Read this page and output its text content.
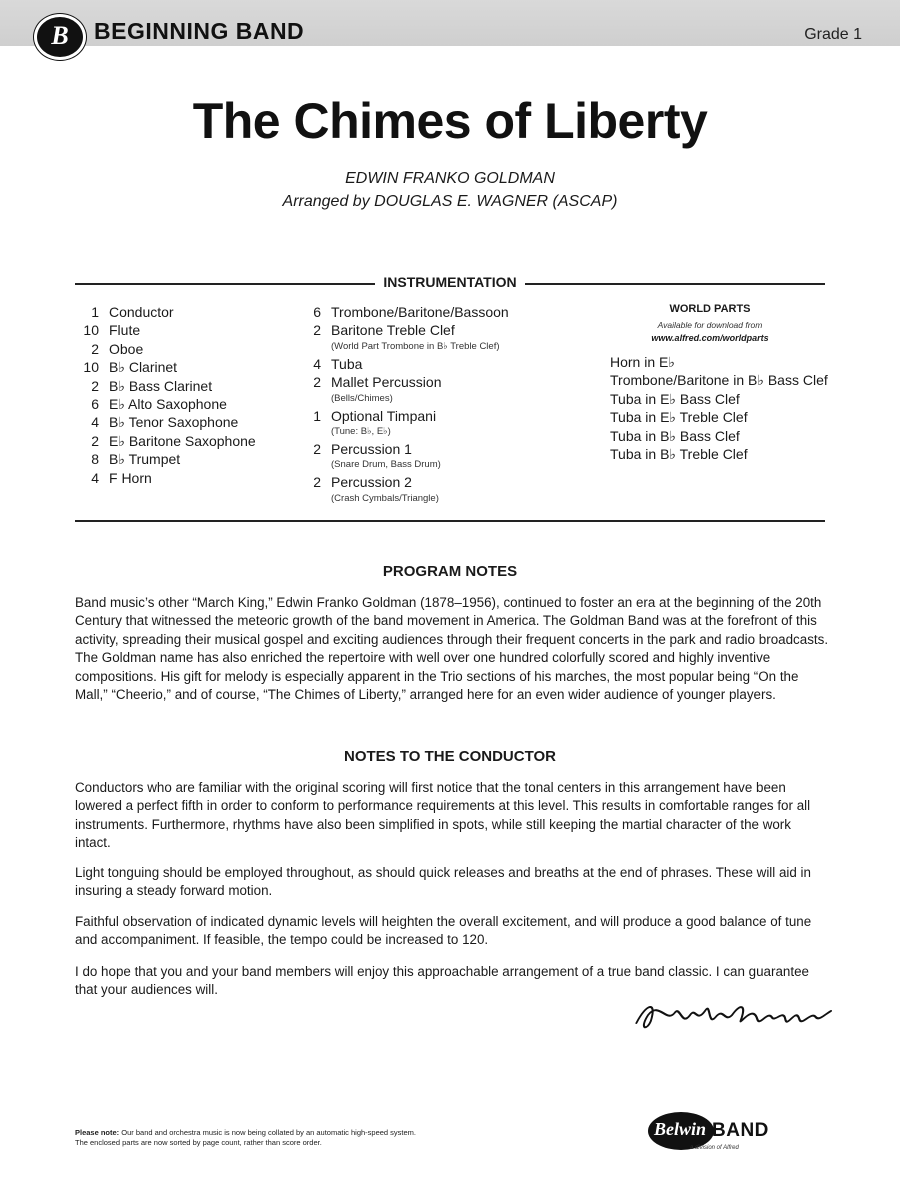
B	BEGINNING BAND	Grade 1
The Chimes of Liberty
EDWIN FRANKO GOLDMAN
Arranged by DOUGLAS E. WAGNER (ASCAP)
INSTRUMENTATION
1 Conductor
10 Flute
2 Oboe
10 B♭ Clarinet
2 B♭ Bass Clarinet
6 E♭ Alto Saxophone
4 B♭ Tenor Saxophone
2 E♭ Baritone Saxophone
8 B♭ Trumpet
4 F Horn
6 Trombone/Baritone/Bassoon
2 Baritone Treble Clef
(World Part Trombone in B♭ Treble Clef)
4 Tuba
2 Mallet Percussion
(Bells/Chimes)
1 Optional Timpani
(Tune: B♭, E♭)
2 Percussion 1
(Snare Drum, Bass Drum)
2 Percussion 2
(Crash Cymbals/Triangle)
WORLD PARTS
Available for download from
www.alfred.com/worldparts
Horn in E♭
Trombone/Baritone in B♭ Bass Clef
Tuba in E♭ Bass Clef
Tuba in E♭ Treble Clef
Tuba in B♭ Bass Clef
Tuba in B♭ Treble Clef
PROGRAM NOTES
Band music’s other “March King,” Edwin Franko Goldman (1878–1956), continued to foster an era at the beginning of the 20th Century that witnessed the meteoric growth of the band movement in America. The Goldman Band was at the forefront of this activity, spreading their musical gospel and exciting audiences through their frequent concerts in the park and radio broadcasts. The Goldman name has also enriched the repertoire with well over one hundred colorfully scored and highly inventive compositions. His gift for melody is especially apparent in the Trio sections of his marches, the most popular being “On the Mall,” “Cheerio,” and of course, “The Chimes of Liberty,” arranged here for an even wider audience of younger players.
NOTES TO THE CONDUCTOR
Conductors who are familiar with the original scoring will first notice that the tonal centers in this arrangement have been lowered a perfect fifth in order to conform to performance requirements at this level. This results in comfortable ranges for all instruments. Furthermore, rhythms have also been simplified in spots, while still keeping the martial character of the work intact.
Light tonguing should be employed throughout, as should quick releases and breaths at the end of phrases. These will aid in insuring a steady forward motion.
Faithful observation of indicated dynamic levels will heighten the overall excitement, and will produce a good balance of tune and accompaniment. If feasible, the tempo could be increased to 120.
I do hope that you and your band members will enjoy this approachable arrangement of a true band classic. I can guarantee that your audiences will.
Please note: Our band and orchestra music is now being collated by an automatic high-speed system.
The enclosed parts are now sorted by page count, rather than score order.
Belwin BAND
a division of Alfred
